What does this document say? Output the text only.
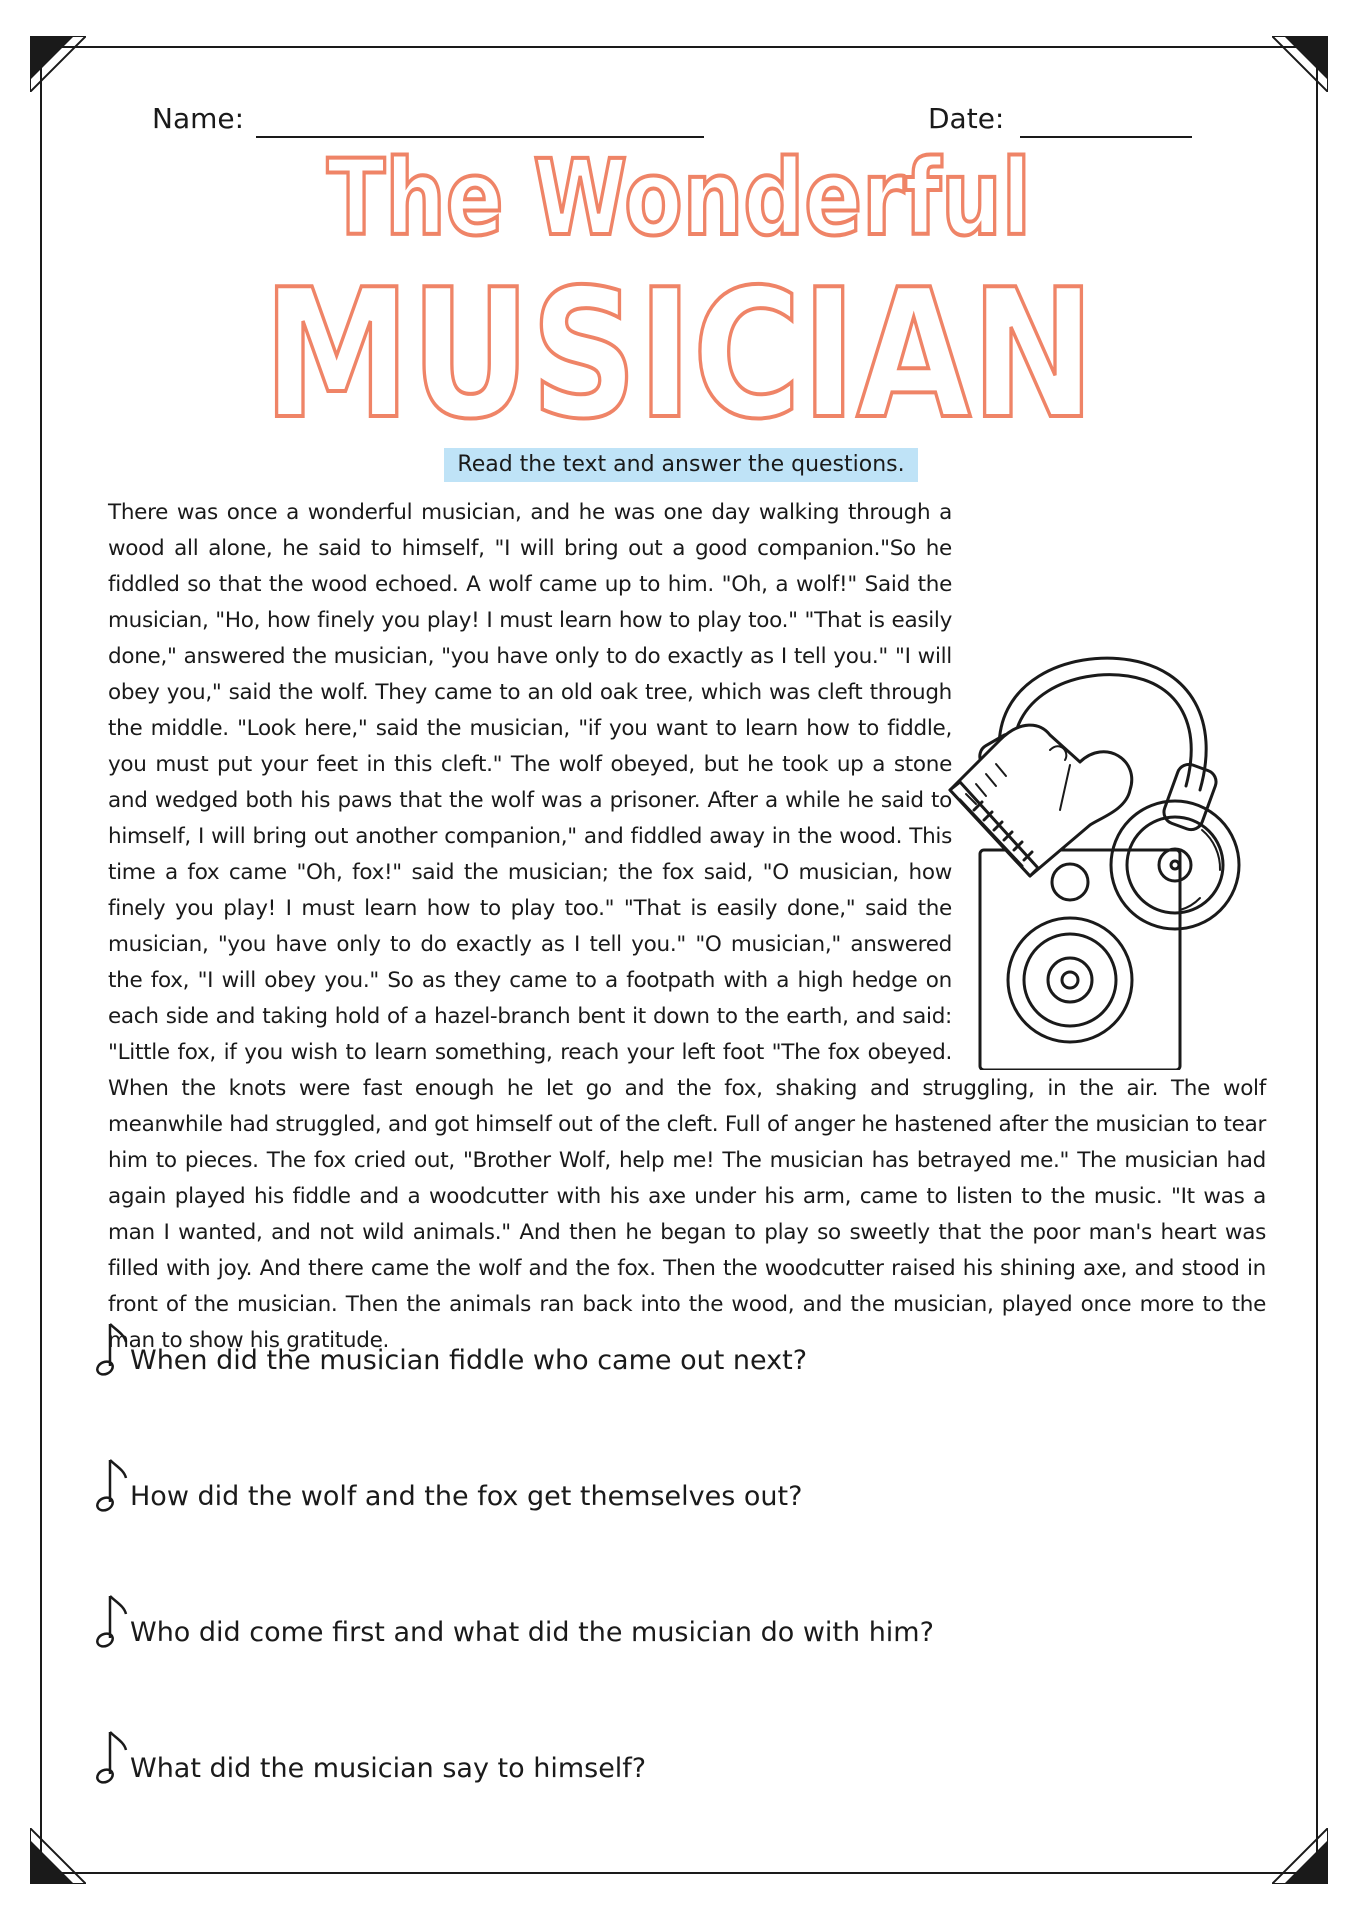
Name:	Date:
The Wonderful
MUSICIAN
Read the text and answer the questions.
There was once a wonderful musician, and he was one day walking through a wood all alone, he said to himself, "I will bring out a good companion."So he fiddled so that the wood echoed. A wolf came up to him. "Oh, a wolf!" Said the musician, "Ho, how finely you play! I must learn how to play too." "That is easily done," answered the musician, "you have only to do exactly as I tell you." "I will obey you," said the wolf. They came to an old oak tree, which was cleft through the middle. "Look here," said the musician, "if you want to learn how to fiddle, you must put your feet in this cleft." The wolf obeyed, but he took up a stone and wedged both his paws that the wolf was a prisoner. After a while he said to himself, I will bring out another companion," and fiddled away in the wood. This time a fox came "Oh, fox!" said the musician; the fox said, "O musician, how finely you play! I must learn how to play too." "That is easily done," said the musician, "you have only to do exactly as I tell you." "O musician," answered the fox, "I will obey you." So as they came to a footpath with a high hedge on each side and taking hold of a hazel-branch bent it down to the earth, and said: "Little fox, if you wish to learn something, reach your left foot "The fox obeyed. When the knots were fast enough he let go and the fox, shaking and struggling, in the air. The wolf meanwhile had struggled, and got himself out of the cleft. Full of anger he hastened after the musician to tear him to pieces. The fox cried out, "Brother Wolf, help me! The musician has betrayed me." The musician had again played his fiddle and a woodcutter with his axe under his arm, came to listen to the music. "It was a man I wanted, and not wild animals." And then he began to play so sweetly that the poor man's heart was filled with joy. And there came the wolf and the fox. Then the woodcutter raised his shining axe, and stood in front of the musician. Then the animals ran back into the wood, and the musician, played once more to the man to show his gratitude.
When did the musician fiddle who came out next?
How did the wolf and the fox get themselves out?
Who did come first and what did the musician do with him?
What did the musician say to himself?
